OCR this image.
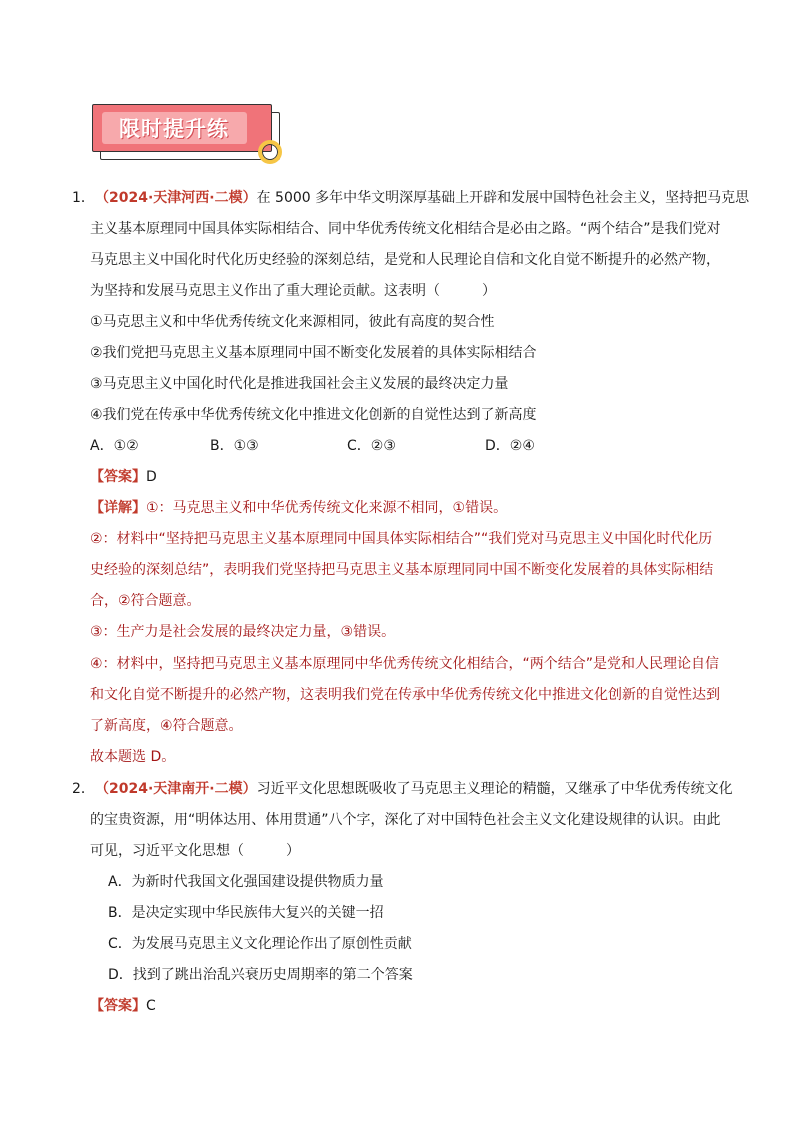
限时提升练
1． （2024·天津河西·二模）在 5000 多年中华文明深厚基础上开辟和发展中国特色社会主义，坚持把马克思
主义基本原理同中国具体实际相结合、同中华优秀传统文化相结合是必由之路。“两个结合”是我们党对
马克思主义中国化时代化历史经验的深刻总结，是党和人民理论自信和文化自觉不断提升的必然产物，
为坚持和发展马克思主义作出了重大理论贡献。这表明（　　　）
①马克思主义和中华优秀传统文化来源相同，彼此有高度的契合性
②我们党把马克思主义基本原理同中国不断变化发展着的具体实际相结合
③马克思主义中国化时代化是推进我国社会主义发展的最终决定力量
④我们党在传承中华优秀传统文化中推进文化创新的自觉性达到了新高度
A．①②	B．①③	C．②③	D．②④
【答案】D
【详解】①：马克思主义和中华优秀传统文化来源不相同，①错误。
②：材料中“坚持把马克思主义基本原理同中国具体实际相结合”“我们党对马克思主义中国化时代化历
史经验的深刻总结”，表明我们党坚持把马克思主义基本原理同同中国不断变化发展着的具体实际相结
合，②符合题意。
③：生产力是社会发展的最终决定力量，③错误。
④：材料中，坚持把马克思主义基本原理同中华优秀传统文化相结合，“两个结合”是党和人民理论自信
和文化自觉不断提升的必然产物，这表明我们党在传承中华优秀传统文化中推进文化创新的自觉性达到
了新高度，④符合题意。
故本题选 D。
2． （2024·天津南开·二模）习近平文化思想既吸收了马克思主义理论的精髓，又继承了中华优秀传统文化
的宝贵资源，用“明体达用、体用贯通”八个字，深化了对中国特色社会主义文化建设规律的认识。由此
可见，习近平文化思想（　　　）
A．为新时代我国文化强国建设提供物质力量
B．是决定实现中华民族伟大复兴的关键一招
C．为发展马克思主义文化理论作出了原创性贡献
D．找到了跳出治乱兴衰历史周期率的第二个答案
【答案】C
